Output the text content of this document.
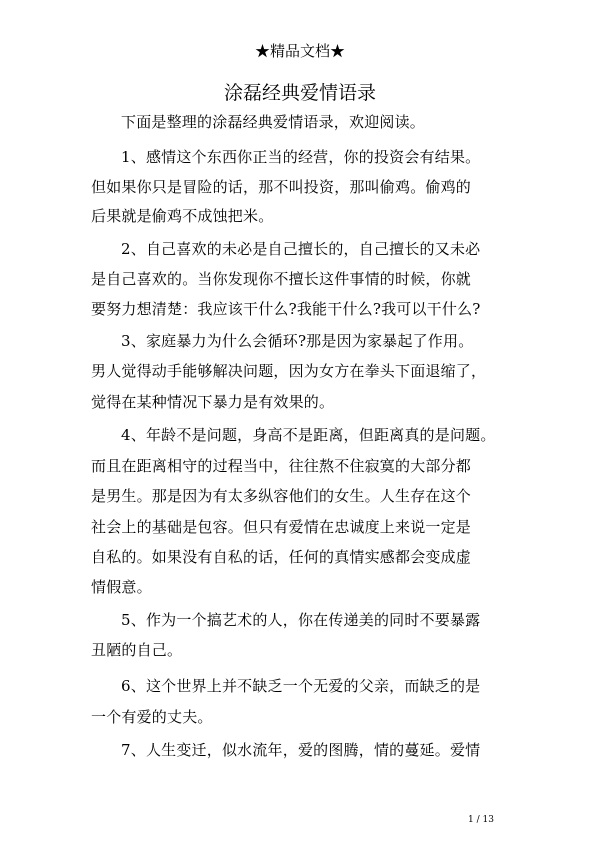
★精品文档★
涂磊经典爱情语录
下面是整理的涂磊经典爱情语录，欢迎阅读。
1、感情这个东西你正当的经营，你的投资会有结果。
但如果你只是冒险的话，那不叫投资，那叫偷鸡。偷鸡的
后果就是偷鸡不成蚀把米。
2、自己喜欢的未必是自己擅长的，自己擅长的又未必
是自己喜欢的。当你发现你不擅长这件事情的时候，你就
要努力想清楚：我应该干什么?我能干什么?我可以干什么?
3、家庭暴力为什么会循环?那是因为家暴起了作用。
男人觉得动手能够解决问题，因为女方在拳头下面退缩了，
觉得在某种情况下暴力是有效果的。
4、年龄不是问题，身高不是距离，但距离真的是问题。
而且在距离相守的过程当中，往往熬不住寂寞的大部分都
是男生。那是因为有太多纵容他们的女生。人生存在这个
社会上的基础是包容。但只有爱情在忠诚度上来说一定是
自私的。如果没有自私的话，任何的真情实感都会变成虚
情假意。
5、作为一个搞艺术的人，你在传递美的同时不要暴露
丑陋的自己。
6、这个世界上并不缺乏一个无爱的父亲，而缺乏的是
一个有爱的丈夫。
7、人生变迁，似水流年，爱的图腾，情的蔓延。爱情
1 / 13
